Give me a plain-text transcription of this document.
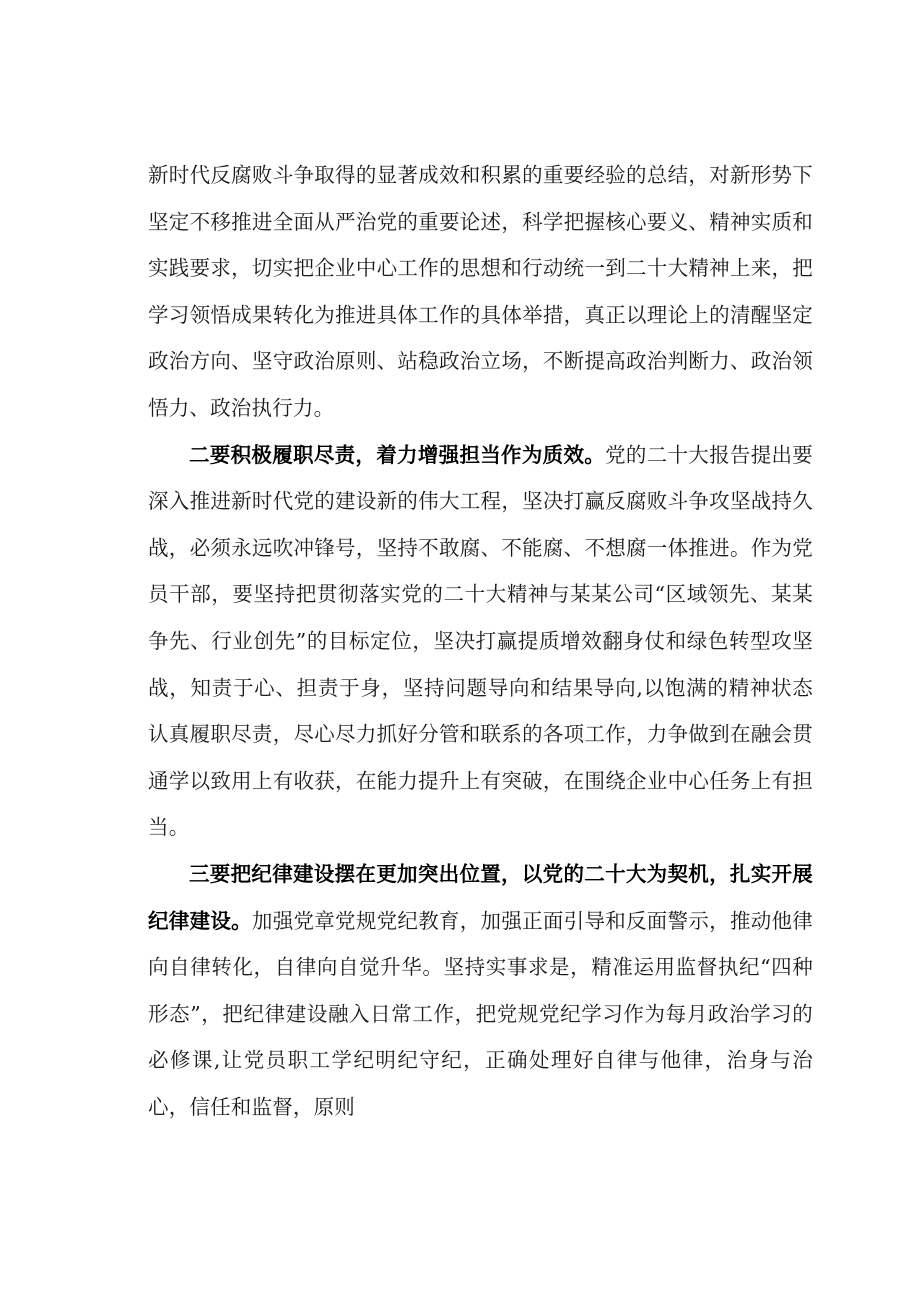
新时代反腐败斗争取得的显著成效和积累的重要经验的总结，对新形势下坚定不移推进全面从严治党的重要论述，科学把握核心要义、精神实质和实践要求，切实把企业中心工作的思想和行动统一到二十大精神上来，把学习领悟成果转化为推进具体工作的具体举措，真正以理论上的清醒坚定政治方向、坚守政治原则、站稳政治立场，不断提高政治判断力、政治领悟力、政治执行力。

二要积极履职尽责，着力增强担当作为质效。党的二十大报告提出要深入推进新时代党的建设新的伟大工程，坚决打赢反腐败斗争攻坚战持久战，必须永远吹冲锋号，坚持不敢腐、不能腐、不想腐一体推进。作为党员干部，要坚持把贯彻落实党的二十大精神与某某公司“区域领先、某某争先、行业创先”的目标定位，坚决打赢提质增效翻身仗和绿色转型攻坚战，知责于心、担责于身，坚持问题导向和结果导向,以饱满的精神状态认真履职尽责，尽心尽力抓好分管和联系的各项工作，力争做到在融会贯通学以致用上有收获，在能力提升上有突破，在围绕企业中心任务上有担当。

三要把纪律建设摆在更加突出位置，以党的二十大为契机，扎实开展纪律建设。加强党章党规党纪教育，加强正面引导和反面警示，推动他律向自律转化，自律向自觉升华。坚持实事求是，精准运用监督执纪“四种形态”，把纪律建设融入日常工作，把党规党纪学习作为每月政治学习的必修课,让党员职工学纪明纪守纪，正确处理好自律与他律，治身与治心，信任和监督，原则
